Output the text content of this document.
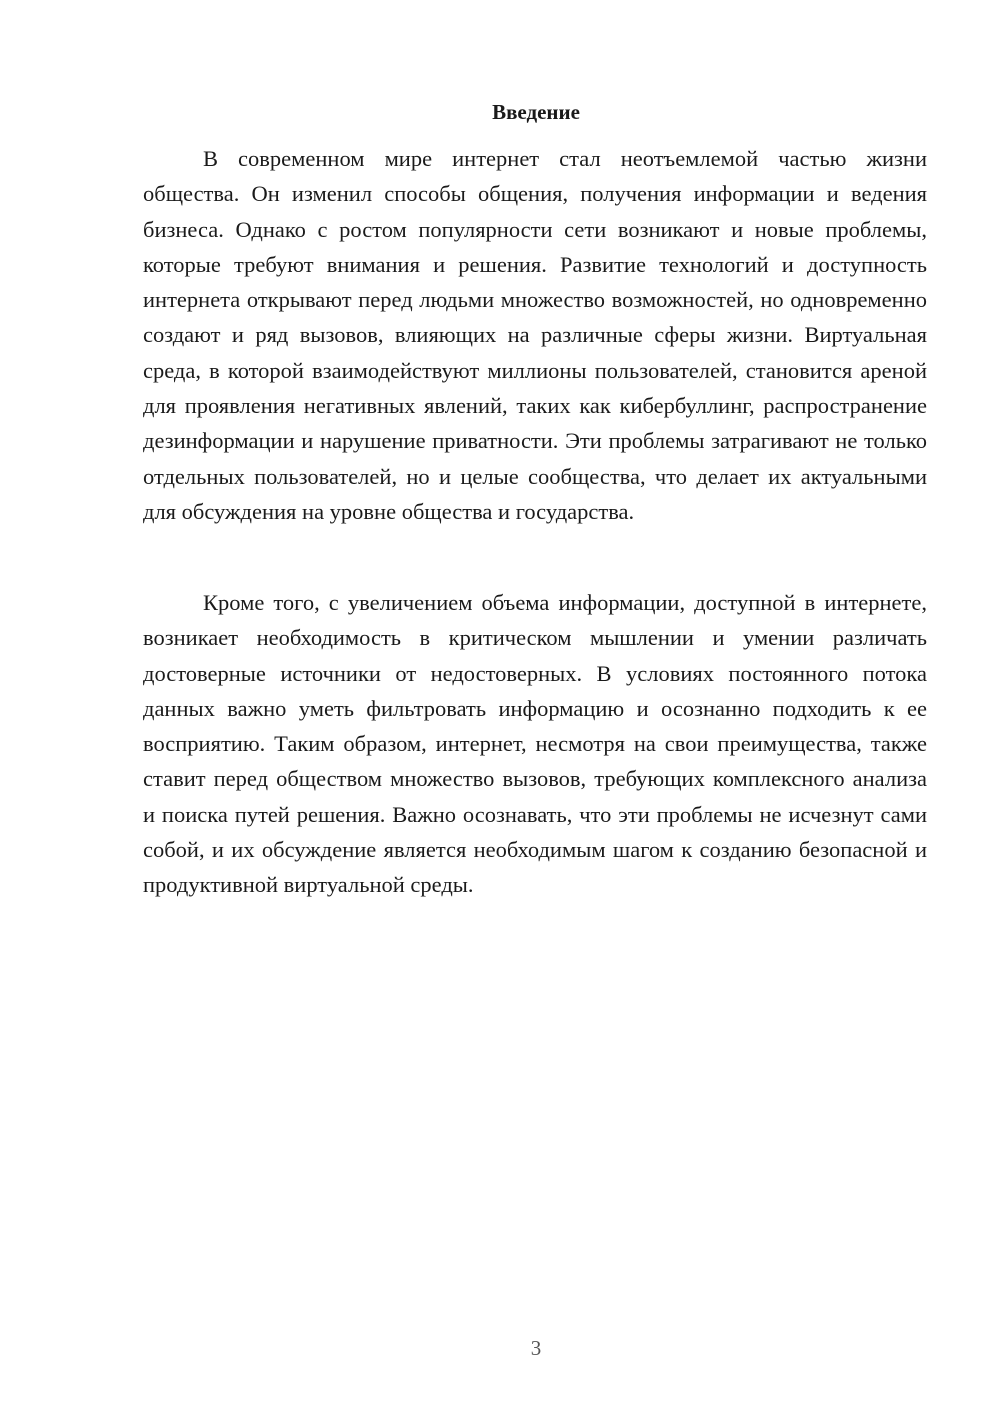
Введение

В современном мире интернет стал неотъемлемой частью жизни общества. Он изменил способы общения, получения информации и ведения бизнеса. Однако с ростом популярности сети возникают и новые проблемы, которые требуют внимания и решения. Развитие технологий и доступность интернета открывают перед людьми множество возможностей, но одновременно создают и ряд вызовов, влияющих на различные сферы жизни. Виртуальная среда, в которой взаимодействуют миллионы пользователей, становится ареной для проявления негативных явлений, таких как кибербуллинг, распространение дезинформации и нарушение приватности. Эти проблемы затрагивают не только отдельных пользователей, но и целые сообщества, что делает их актуальными для обсуждения на уровне общества и государства.

Кроме того, с увеличением объема информации, доступной в интернете, возникает необходимость в критическом мышлении и умении различать достоверные источники от недостоверных. В условиях постоянного потока данных важно уметь фильтровать информацию и осознанно подходить к ее восприятию. Таким образом, интернет, несмотря на свои преимущества, также ставит перед обществом множество вызовов, требующих комплексного анализа и поиска путей решения. Важно осознавать, что эти проблемы не исчезнут сами собой, и их обсуждение является необходимым шагом к созданию безопасной и продуктивной виртуальной среды.

3
